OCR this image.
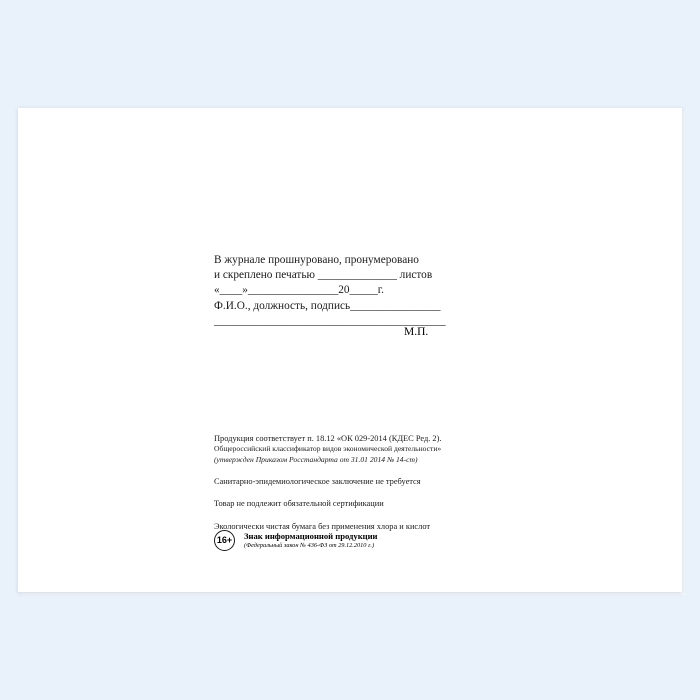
В журнале прошнуровано, пронумеровано
и скреплено печатью ______________ листов
«____»________________20_____г.
Ф.И.О., должность, подпись________________
_________________________________________
М.П.
Продукция соответствует п. 18.12 «ОК 029-2014 (КДЕС Ред. 2).
Общероссийский классификатор видов экономической деятельности»
(утвержден Приказом Росстандарта от 31.01 2014 № 14-ст)
Санитарно-эпидемиологическое заключение не требуется
Товар не подлежит обязательной сертификации
Экологически чистая бумага без применения хлора и кислот
16+	Знак информационной продукции
(Федеральный закон № 436-ФЗ от 29.12.2010 г.)
